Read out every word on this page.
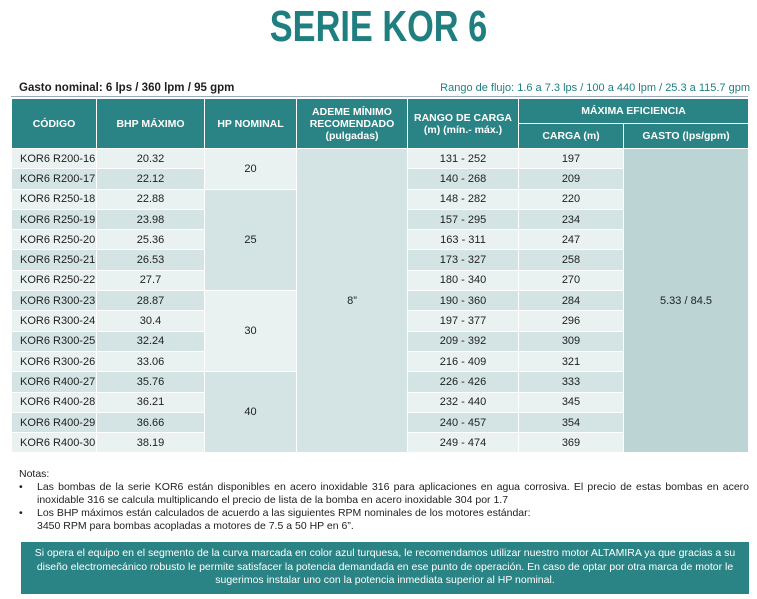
SERIE KOR 6
Gasto nominal: 6 lps / 360 lpm / 95 gpm	Rango de flujo: 1.6 a 7.3 lps / 100 a 440 lpm / 25.3 a 115.7 gpm
CÓDIGO	BHP MÁXIMO	HP NOMINAL	ADEME MÍNIMO RECOMENDADO (pulgadas)	RANGO DE CARGA (m) (mín.- máx.)	MÁXIMA EFICIENCIA	
					CARGA (m)	GASTO (lps/gpm)
KOR6 R200-16	20.32	20	8”	131 - 252	197	5.33 / 84.5
KOR6 R200-17	22.12			140 - 268	209	
KOR6 R250-18	22.88	25		148 - 282	220	
KOR6 R250-19	23.98			157 - 295	234	
KOR6 R250-20	25.36			163 - 311	247	
KOR6 R250-21	26.53			173 - 327	258	
KOR6 R250-22	27.7			180 - 340	270	
KOR6 R300-23	28.87	30		190 - 360	284	
KOR6 R300-24	30.4			197 - 377	296	
KOR6 R300-25	32.24			209 - 392	309	
KOR6 R300-26	33.06			216 - 409	321	
KOR6 R400-27	35.76	40		226 - 426	333	
KOR6 R400-28	36.21			232 - 440	345	
KOR6 R400-29	36.66			240 - 457	354	
KOR6 R400-30	38.19			249 - 474	369	
Notas:
• Las bombas de la serie KOR6 están disponibles en acero inoxidable 316 para aplicaciones en agua corrosiva. El precio de estas bombas en acero inoxidable 316 se calcula multiplicando el precio de lista de la bomba en acero inoxidable 304 por 1.7
• Los BHP máximos están calculados de acuerdo a las siguientes RPM nominales de los motores estándar:
3450 RPM para bombas acopladas a motores de 7.5 a 50 HP en 6”.
Si opera el equipo en el segmento de la curva marcada en color azul turquesa, le recomendamos utilizar nuestro motor ALTAMIRA ya que gracias a su diseño electromecánico robusto le permite satisfacer la potencia demandada en ese punto de operación. En caso de optar por otra marca de motor le sugerimos instalar uno con la potencia inmediata superior al HP nominal.
